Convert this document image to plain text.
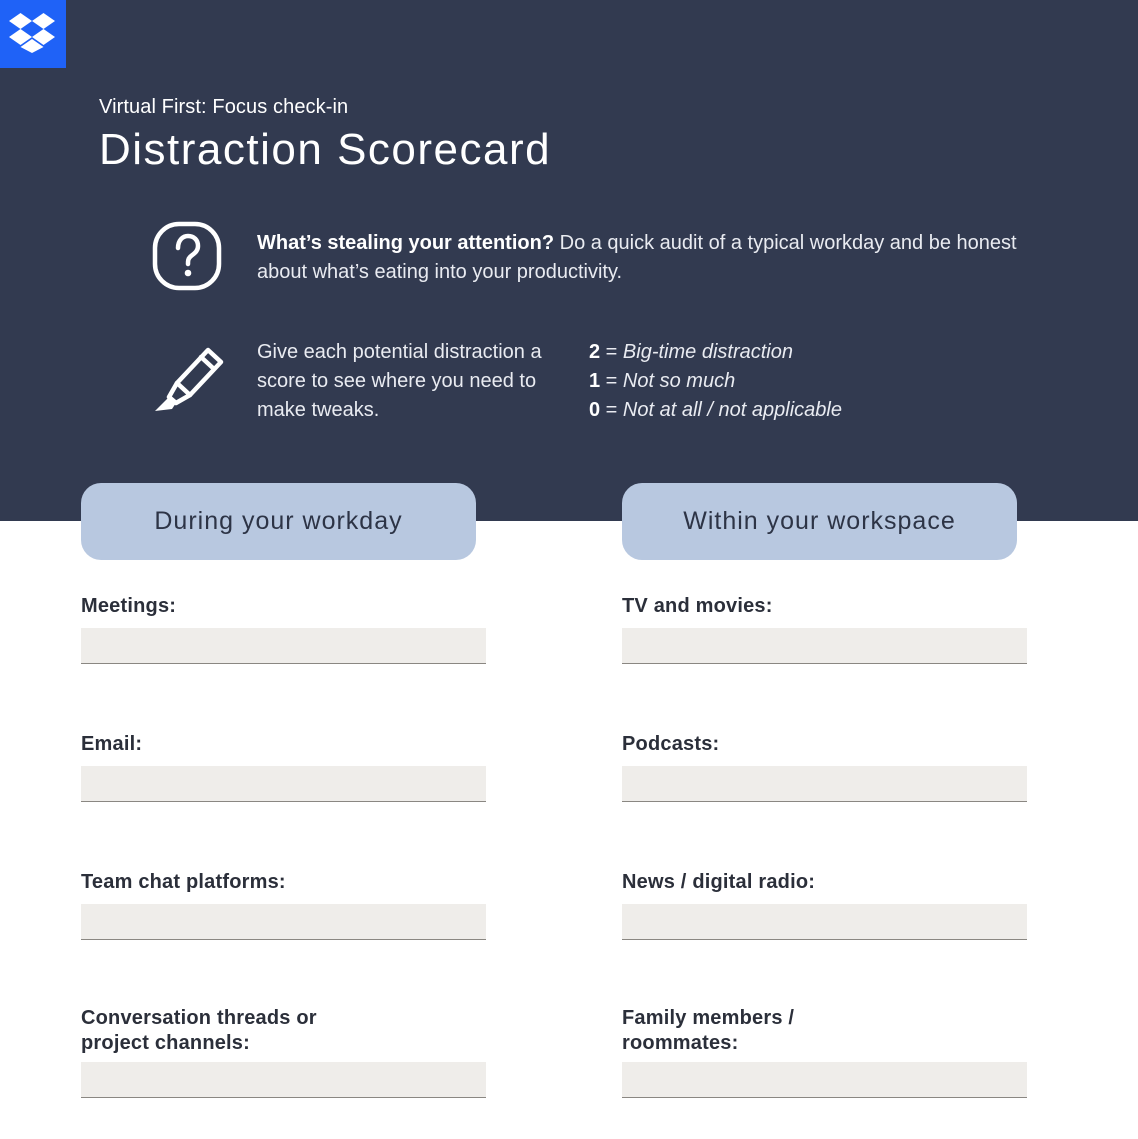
Virtual First: Focus check-in
Distraction Scorecard
What’s stealing your attention? Do a quick audit of a typical workday and be honest about what’s eating into your productivity.
Give each potential distraction a score to see where you need to make tweaks.
2 = Big-time distraction
1 = Not so much
0 = Not at all / not applicable
During your workday	Within your workspace
Meetings:
Email:
Team chat platforms:
Conversation threads or
project channels:
TV and movies:
Podcasts:
News / digital radio:
Family members /
roommates:
